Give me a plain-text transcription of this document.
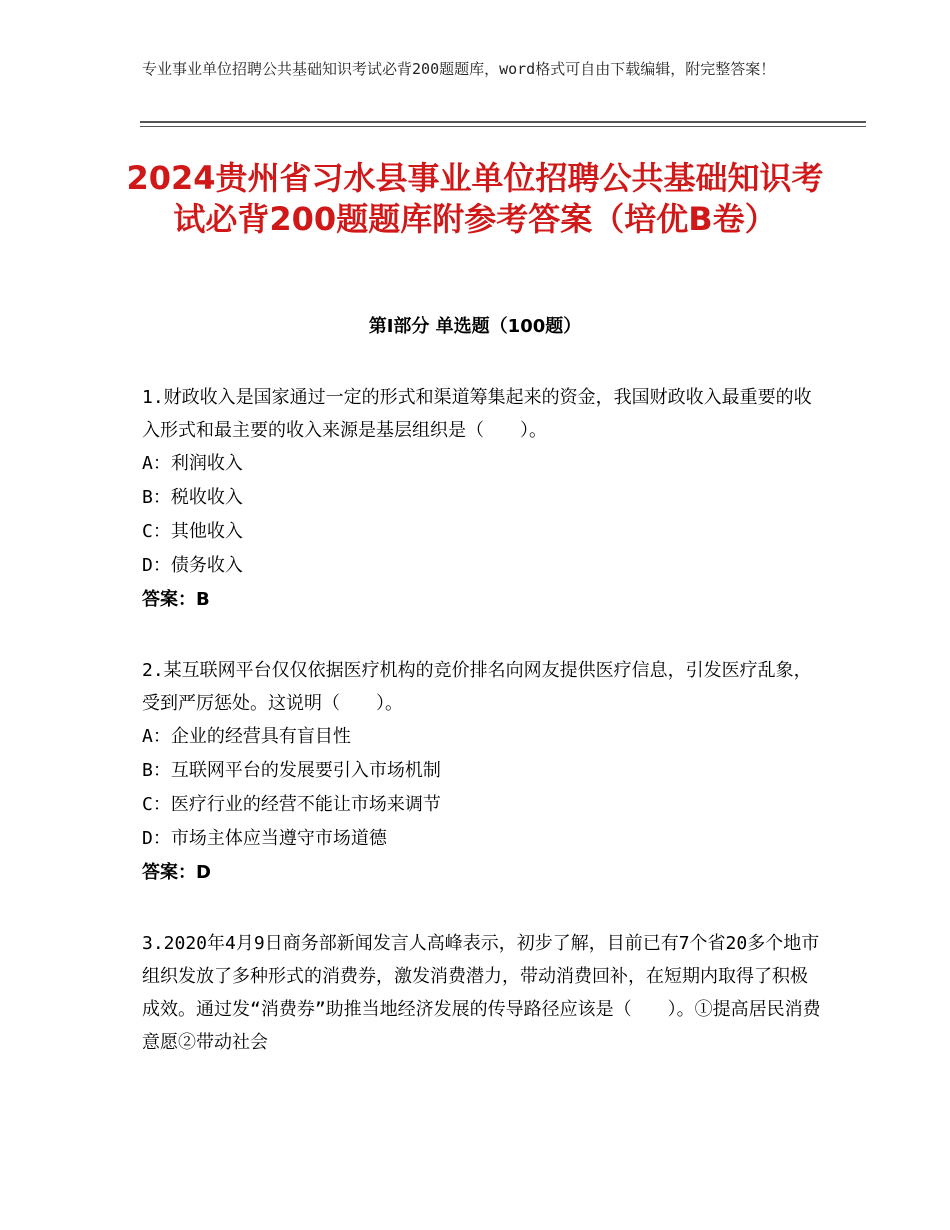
专业事业单位招聘公共基础知识考试必背200题题库，word格式可自由下载编辑，附完整答案！
2024贵州省习水县事业单位招聘公共基础知识考试必背200题题库附参考答案（培优B卷）
第Ⅰ部分 单选题（100题）

1.财政收入是国家通过一定的形式和渠道筹集起来的资金，我国财政收入最重要的收入形式和最主要的收入来源是基层组织是（　　）。

A：利润收入

B：税收收入

C：其他收入

D：债务收入

答案：B

2.某互联网平台仅仅依据医疗机构的竞价排名向网友提供医疗信息，引发医疗乱象，受到严厉惩处。这说明（　　）。

A：企业的经营具有盲目性

B：互联网平台的发展要引入市场机制

C：医疗行业的经营不能让市场来调节

D：市场主体应当遵守市场道德

答案：D

3.2020年4月9日商务部新闻发言人高峰表示，初步了解，目前已有7个省20多个地市组织发放了多种形式的消费券，激发消费潜力，带动消费回补，在短期内取得了积极成效。通过发“消费券”助推当地经济发展的传导路径应该是（　　）。①提高居民消费意愿②带动社会
